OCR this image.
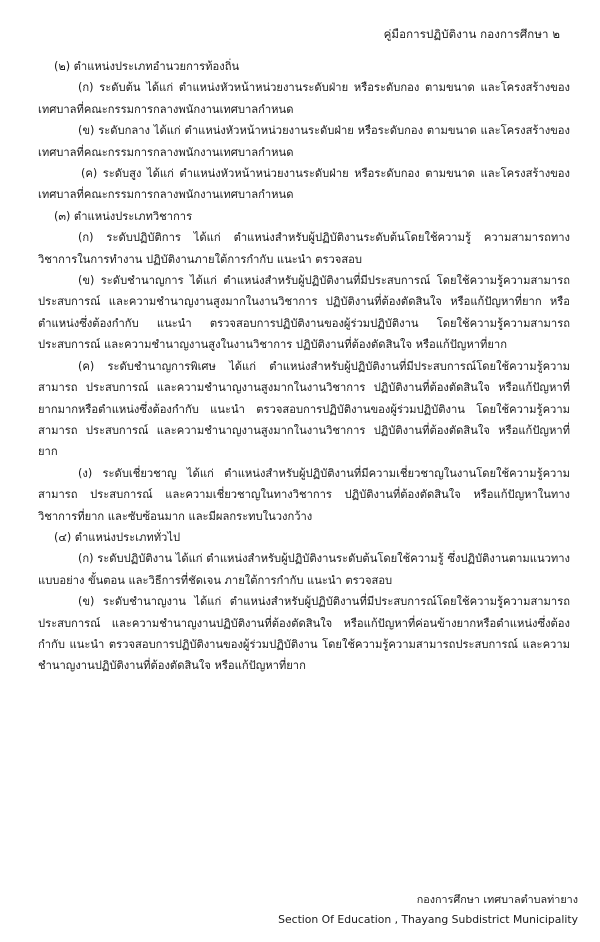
คู่มือการปฏิบัติงาน กองการศึกษา ๒

(๒) ตำแหน่งประเภทอำนวยการท้องถิ่น

(ก) ระดับต้น ได้แก่ ตำแหน่งหัวหน้าหน่วยงานระดับฝ่าย หรือระดับกอง ตามขนาด และโครงสร้างของเทศบาลที่คณะกรรมการกลางพนักงานเทศบาลกำหนด

(ข) ระดับกลาง ได้แก่ ตำแหน่งหัวหน้าหน่วยงานระดับฝ่าย หรือระดับกอง ตามขนาด และโครงสร้างของเทศบาลที่คณะกรรมการกลางพนักงานเทศบาลกำหนด

(ค) ระดับสูง ได้แก่ ตำแหน่งหัวหน้าหน่วยงานระดับฝ่าย หรือระดับกอง ตามขนาด และโครงสร้างของเทศบาลที่คณะกรรมการกลางพนักงานเทศบาลกำหนด

(๓) ตำแหน่งประเภทวิชาการ

(ก) ระดับปฏิบัติการ ได้แก่ ตำแหน่งสำหรับผู้ปฏิบัติงานระดับต้นโดยใช้ความรู้ ความสามารถทางวิชาการในการทำงาน ปฏิบัติงานภายใต้การกำกับ แนะนำ ตรวจสอบ

(ข) ระดับชำนาญการ ได้แก่ ตำแหน่งสำหรับผู้ปฏิบัติงานที่มีประสบการณ์ โดยใช้ความรู้ความสามารถ ประสบการณ์ และความชำนาญงานสูงมากในงานวิชาการ ปฏิบัติงานที่ต้องตัดสินใจ หรือแก้ปัญหาที่ยาก หรือตำแหน่งซึ่งต้องกำกับ แนะนำ ตรวจสอบการปฏิบัติงานของผู้ร่วมปฏิบัติงาน โดยใช้ความรู้ความสามารถ ประสบการณ์ และความชำนาญงานสูงในงานวิชาการ ปฏิบัติงานที่ต้องตัดสินใจ หรือแก้ปัญหาที่ยาก

(ค) ระดับชำนาญการพิเศษ ได้แก่ ตำแหน่งสำหรับผู้ปฏิบัติงานที่มีประสบการณ์โดยใช้ความรู้ความสามารถ ประสบการณ์ และความชำนาญงานสูงมากในงานวิชาการ ปฏิบัติงานที่ต้องตัดสินใจ หรือแก้ปัญหาที่ยากมากหรือตำแหน่งซึ่งต้องกำกับ แนะนำ ตรวจสอบการปฏิบัติงานของผู้ร่วมปฏิบัติงาน โดยใช้ความรู้ความสามารถ ประสบการณ์ และความชำนาญงานสูงมากในงานวิชาการ ปฏิบัติงานที่ต้องตัดสินใจ หรือแก้ปัญหาที่ยาก

(ง) ระดับเชี่ยวชาญ ได้แก่ ตำแหน่งสำหรับผู้ปฏิบัติงานที่มีความเชี่ยวชาญในงานโดยใช้ความรู้ความสามารถ ประสบการณ์ และความเชี่ยวชาญในทางวิชาการ ปฏิบัติงานที่ต้องตัดสินใจ หรือแก้ปัญหาในทางวิชาการที่ยาก และซับซ้อนมาก และมีผลกระทบในวงกว้าง

(๔) ตำแหน่งประเภททั่วไป

(ก) ระดับปฏิบัติงาน ได้แก่ ตำแหน่งสำหรับผู้ปฏิบัติงานระดับต้นโดยใช้ความรู้ ซึ่งปฏิบัติงานตามแนวทาง แบบอย่าง ขั้นตอน และวิธีการที่ชัดเจน ภายใต้การกำกับ แนะนำ ตรวจสอบ

(ข) ระดับชำนาญงาน ได้แก่ ตำแหน่งสำหรับผู้ปฏิบัติงานที่มีประสบการณ์โดยใช้ความรู้ความสามารถ ประสบการณ์ และความชำนาญงานปฏิบัติงานที่ต้องตัดสินใจ หรือแก้ปัญหาที่ค่อนข้างยากหรือตำแหน่งซึ่งต้องกำกับ แนะนำ ตรวจสอบการปฏิบัติงานของผู้ร่วมปฏิบัติงาน โดยใช้ความรู้ความสามารถประสบการณ์ และความชำนาญงานปฏิบัติงานที่ต้องตัดสินใจ หรือแก้ปัญหาที่ยาก

กองการศึกษา เทศบาลตำบลท่ายาง
Section Of Education , Thayang Subdistrict Municipality
